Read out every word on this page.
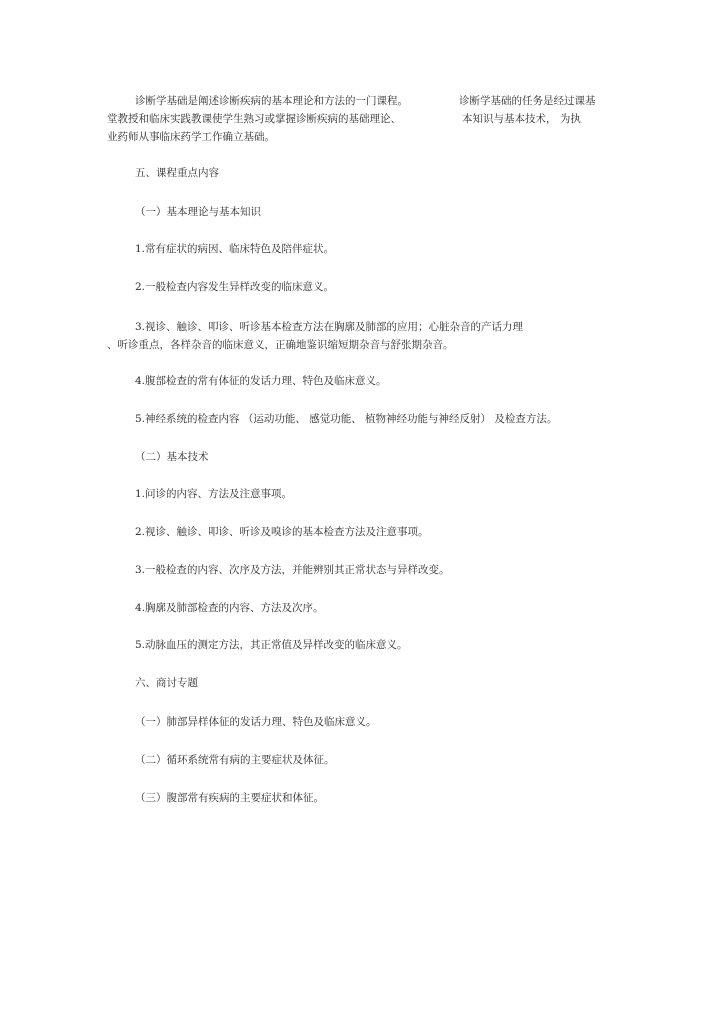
诊断学基础是阐述诊断疾病的基本理论和方法的一门课程。	诊断学基础的任务是经过课基
堂教授和临床实践教课使学生熟习或掌握诊断疾病的基础理论、	本知识与基本技术， 为执
业药师从事临床药学工作确立基础。
五、课程重点内容
（一）基本理论与基本知识
1.常有症状的病因、临床特色及陪伴症状。
2.一般检查内容发生异样改变的临床意义。
3.视诊、触诊、叩诊、听诊基本检查方法在胸廓及肺部的应用；心脏杂音的产话力理
、听诊重点，各样杂音的临床意义，正确地鉴识缩短期杂音与舒张期杂音。
4.腹部检查的常有体征的发话力理、特色及临床意义。
5.神经系统的检查内容 （运动功能、 感觉功能、 植物神经功能与神经反射） 及检查方法。
（二）基本技术
1.问诊的内容、方法及注意事项。
2.视诊、触诊、叩诊、听诊及嗅诊的基本检查方法及注意事项。
3.一般检查的内容、次序及方法，并能辨别其正常状态与异样改变。
4.胸廓及肺部检查的内容、方法及次序。
5.动脉血压的测定方法，其正常值及异样改变的临床意义。
六、商讨专题
（一）肺部异样体征的发话力理、特色及临床意义。
（二）循环系统常有病的主要症状及体征。
（三）腹部常有疾病的主要症状和体征。
